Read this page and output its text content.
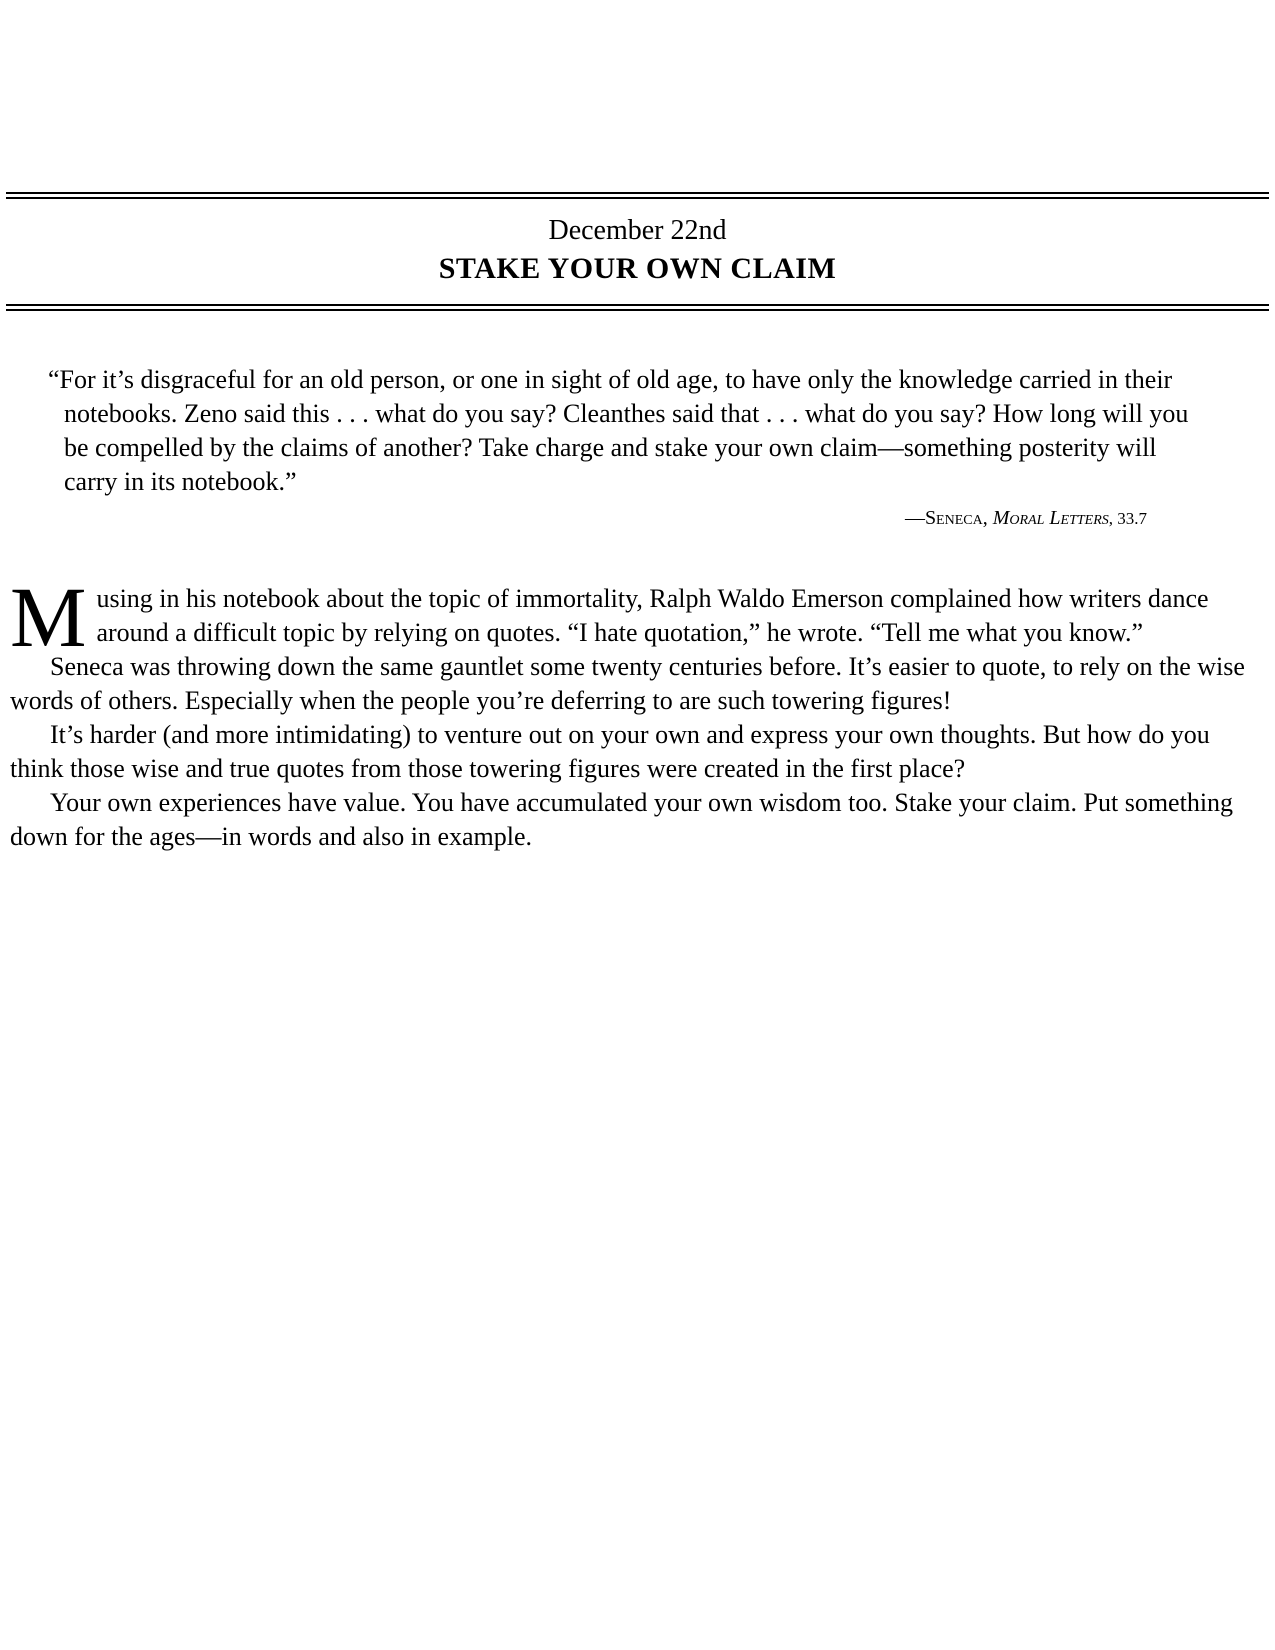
December 22nd
STAKE YOUR OWN CLAIM

“For it’s disgraceful for an old person, or one in sight of old age, to have only the knowledge carried in their notebooks. Zeno said this . . . what do you say? Cleanthes said that . . . what do you say? How long will you be compelled by the claims of another? Take charge and stake your own claim—something posterity will carry in its notebook.”

—Seneca, Moral Letters, 33.7

Musing in his notebook about the topic of immortality, Ralph Waldo Emerson complained how writers dance around a difficult topic by relying on quotes. “I hate quotation,” he wrote. “Tell me what you know.”

Seneca was throwing down the same gauntlet some twenty centuries before. It’s easier to quote, to rely on the wise words of others. Especially when the people you’re deferring to are such towering figures!

It’s harder (and more intimidating) to venture out on your own and express your own thoughts. But how do you think those wise and true quotes from those towering figures were created in the first place?

Your own experiences have value. You have accumulated your own wisdom too. Stake your claim. Put something down for the ages—in words and also in example.
